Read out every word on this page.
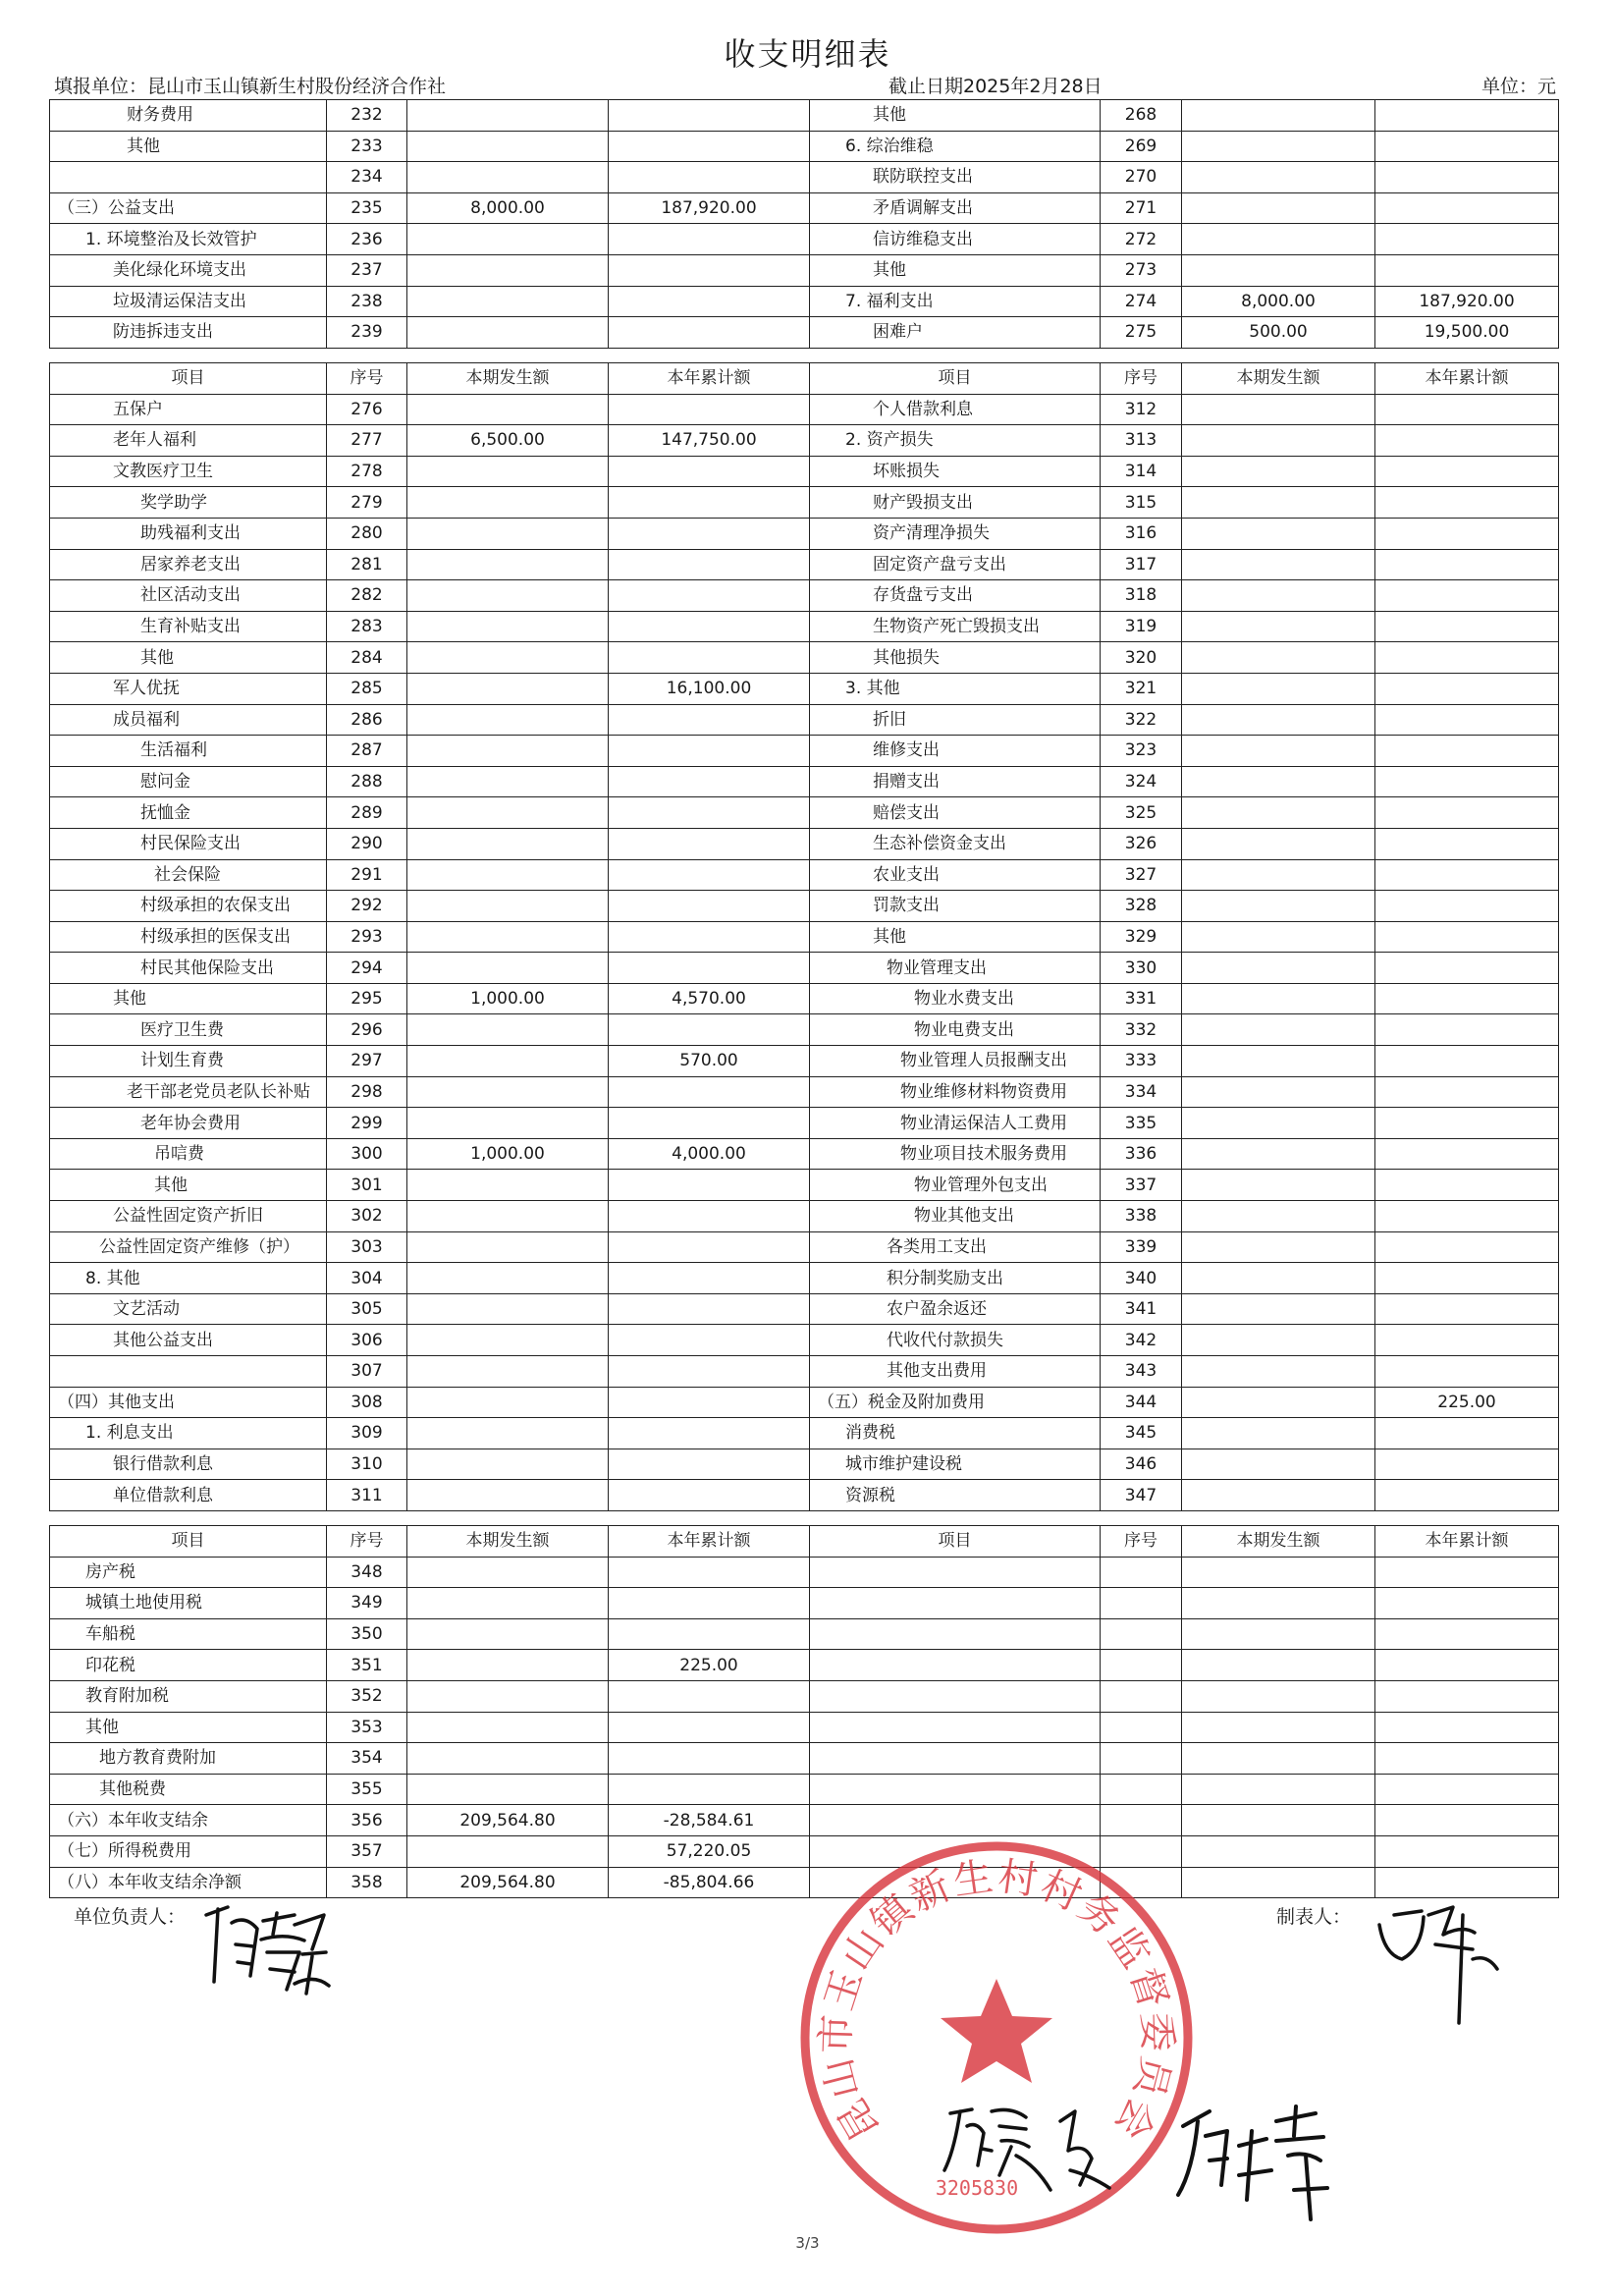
收支明细表
填报单位：昆山市玉山镇新生村股份经济合作社	截止日期2025年2月28日	单位：元
财务费用	232			其他	268		
其他	233			6. 综治维稳	269		
	234			联防联控支出	270		
（三）公益支出	235	8,000.00	187,920.00	矛盾调解支出	271		
1. 环境整治及长效管护	236			信访维稳支出	272		
美化绿化环境支出	237			其他	273		
垃圾清运保洁支出	238			7. 福利支出	274	8,000.00	187,920.00
防违拆违支出	239			困难户	275	500.00	19,500.00
项目	序号	本期发生额	本年累计额	项目	序号	本期发生额	本年累计额
五保户	276			个人借款利息	312		
老年人福利	277	6,500.00	147,750.00	2. 资产损失	313		
文教医疗卫生	278			坏账损失	314		
奖学助学	279			财产毁损支出	315		
助残福利支出	280			资产清理净损失	316		
居家养老支出	281			固定资产盘亏支出	317		
社区活动支出	282			存货盘亏支出	318		
生育补贴支出	283			生物资产死亡毁损支出	319		
其他	284			其他损失	320		
军人优抚	285		16,100.00	3. 其他	321		
成员福利	286			折旧	322		
生活福利	287			维修支出	323		
慰问金	288			捐赠支出	324		
抚恤金	289			赔偿支出	325		
村民保险支出	290			生态补偿资金支出	326		
社会保险	291			农业支出	327		
村级承担的农保支出	292			罚款支出	328		
村级承担的医保支出	293			其他	329		
村民其他保险支出	294			物业管理支出	330		
其他	295	1,000.00	4,570.00	物业水费支出	331		
医疗卫生费	296			物业电费支出	332		
计划生育费	297		570.00	物业管理人员报酬支出	333		
老干部老党员老队长补贴	298			物业维修材料物资费用	334		
老年协会费用	299			物业清运保洁人工费用	335		
吊唁费	300	1,000.00	4,000.00	物业项目技术服务费用	336		
其他	301			物业管理外包支出	337		
公益性固定资产折旧	302			物业其他支出	338		
公益性固定资产维修（护）	303			各类用工支出	339		
8. 其他	304			积分制奖励支出	340		
文艺活动	305			农户盈余返还	341		
其他公益支出	306			代收代付款损失	342		
	307			其他支出费用	343		
（四）其他支出	308			（五）税金及附加费用	344		225.00
1. 利息支出	309			消费税	345		
银行借款利息	310			城市维护建设税	346		
单位借款利息	311			资源税	347		
项目	序号	本期发生额	本年累计额	项目	序号	本期发生额	本年累计额
房产税	348						
城镇土地使用税	349						
车船税	350						
印花税	351		225.00				
教育附加税	352						
其他	353						
地方教育费附加	354						
其他税费	355						
（六）本年收支结余	356	209,564.80	-28,584.61				
（七）所得税费用	357		57,220.05				
（八）本年收支结余净额	358	209,564.80	-85,804.66				
单位负责人：	制表人：
昆山市玉山镇新生村村务监督委员会
3205830
3/3
